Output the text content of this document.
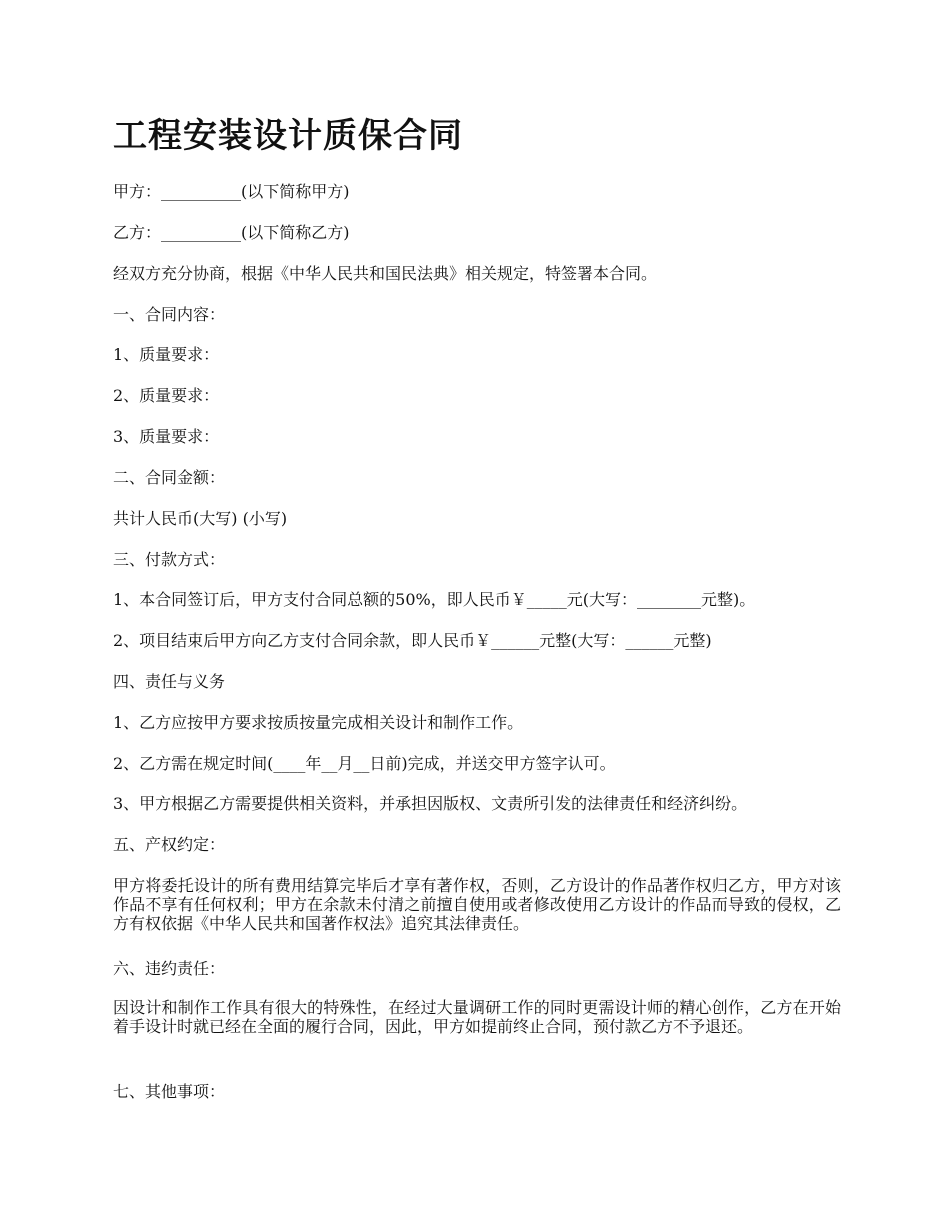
工程安装设计质保合同

甲方：__________(以下简称甲方)

乙方：__________(以下简称乙方)

经双方充分协商，根据《中华人民共和国民法典》相关规定，特签署本合同。

一、合同内容：

1、质量要求：

2、质量要求：

3、质量要求：

二、合同金额：

共计人民币(大写) (小写)

三、付款方式：

1、本合同签订后，甲方支付合同总额的50%，即人民币￥_____元(大写：________元整)。

2、项目结束后甲方向乙方支付合同余款，即人民币￥______元整(大写：______元整)

四、责任与义务

1、乙方应按甲方要求按质按量完成相关设计和制作工作。

2、乙方需在规定时间(____年__月__日前)完成，并送交甲方签字认可。

3、甲方根据乙方需要提供相关资料，并承担因版权、文责所引发的法律责任和经济纠纷。

五、产权约定：

甲方将委托设计的所有费用结算完毕后才享有著作权，否则，乙方设计的作品著作权归乙方，甲方对该作品不享有任何权利；甲方在余款未付清之前擅自使用或者修改使用乙方设计的作品而导致的侵权，乙方有权依据《中华人民共和国著作权法》追究其法律责任。

六、违约责任：

因设计和制作工作具有很大的特殊性，在经过大量调研工作的同时更需设计师的精心创作，乙方在开始着手设计时就已经在全面的履行合同，因此，甲方如提前终止合同，预付款乙方不予退还。

七、其他事项：
